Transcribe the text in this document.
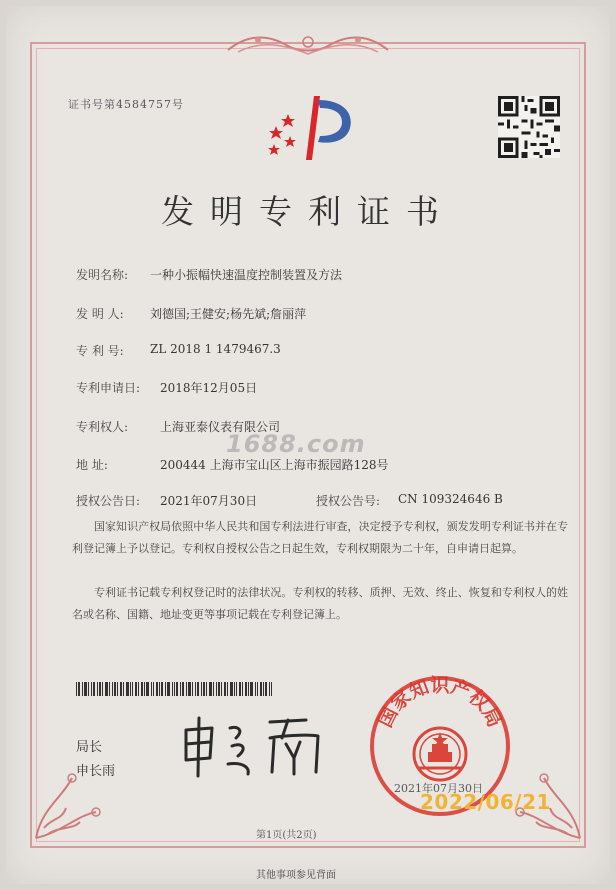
证书号第4584757号
发明专利证书
发明名称: 一种小振幅快速温度控制装置及方法
发 明 人: 刘德国;王健安;杨先斌;詹丽萍
专 利 号: ZL 2018 1 1479467.3
专利申请日: 2018年12月05日
专利权人:	上海亚泰仪表有限公司
1688.com
地 址:	200444 上海市宝山区上海市振园路128号
授权公告日: 2021年07月30日	授权公告号: CN 109324646 B
国家知识产权局依照中华人民共和国专利法进行审查，决定授予专利权，颁发发明专利证书并在专利登记簿上予以登记。专利权自授权公告之日起生效，专利权期限为二十年，自申请日起算。
专利证书记载专利权登记时的法律状况。专利权的转移、质押、无效、终止、恢复和专利权人的姓名或名称、国籍、地址变更等事项记载在专利登记簿上。
局长
申长雨
国家知识产权局
2021年07月30日
2022/06/21
第1页(共2页)
其他事项参见背面
